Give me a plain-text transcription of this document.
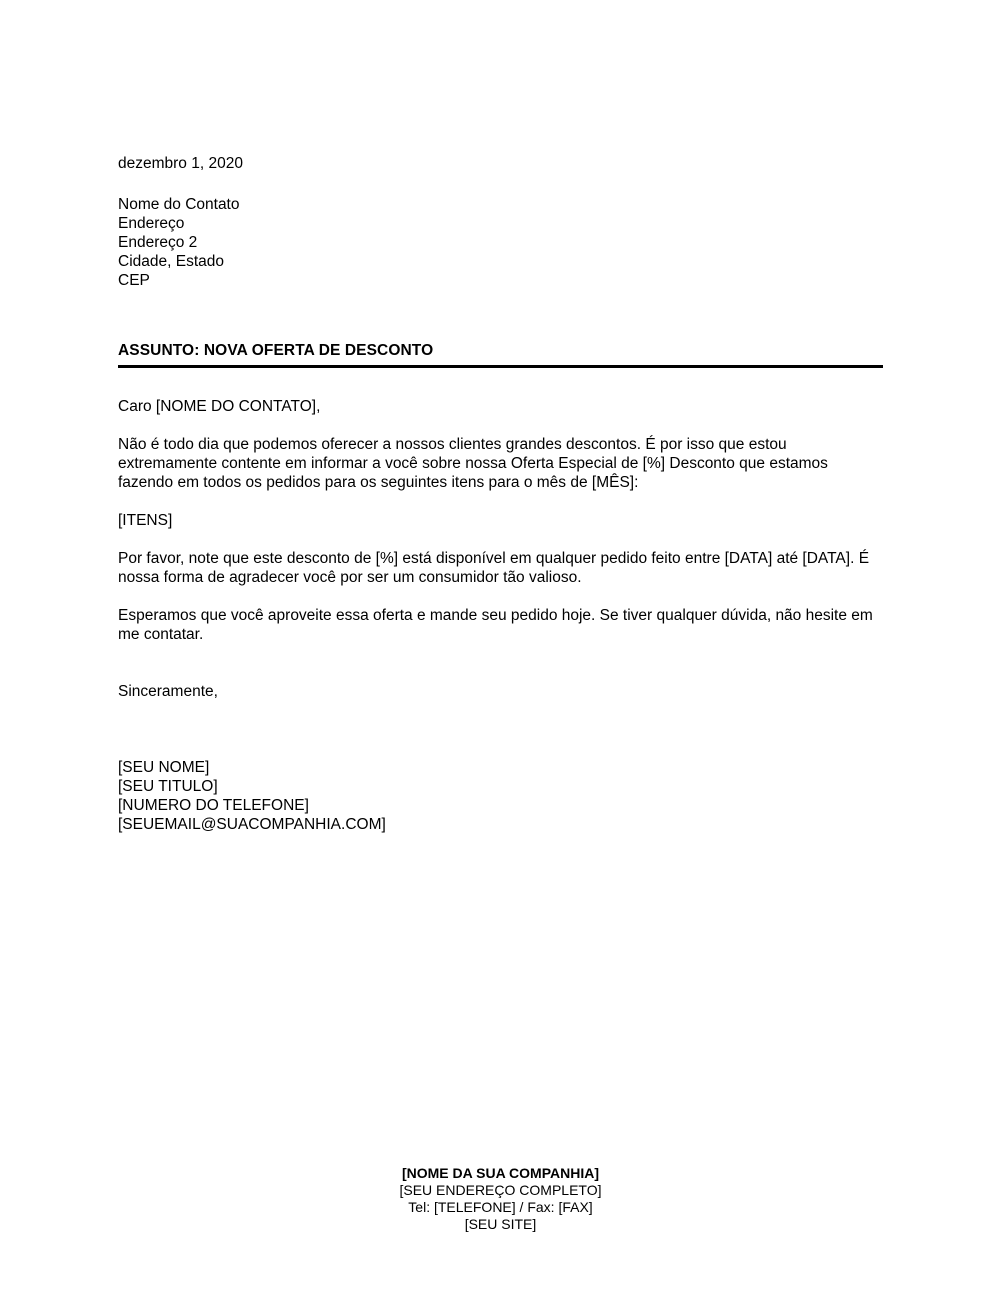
dezembro 1, 2020
Nome do Contato
Endereço
Endereço 2
Cidade, Estado
CEP
ASSUNTO: NOVA OFERTA DE DESCONTO
Caro [NOME DO CONTATO],
Não é todo dia que podemos oferecer a nossos clientes grandes descontos. É por isso que estou extremamente contente em informar a você sobre nossa Oferta Especial de [%] Desconto que estamos fazendo em todos os pedidos para os seguintes itens para o mês de [MÊS]:
[ITENS]
Por favor, note que este desconto de [%] está disponível em qualquer pedido feito entre [DATA] até [DATA]. É nossa forma de agradecer você por ser um consumidor tão valioso.
Esperamos que você aproveite essa oferta e mande seu pedido hoje. Se tiver qualquer dúvida, não hesite em me contatar.
Sinceramente,
[SEU NOME]
[SEU TITULO]
[NUMERO DO TELEFONE]
[SEUEMAIL@SUACOMPANHIA.COM]
[NOME DA SUA COMPANHIA]
[SEU ENDEREÇO COMPLETO]
Tel: [TELEFONE] / Fax: [FAX]
[SEU SITE]
